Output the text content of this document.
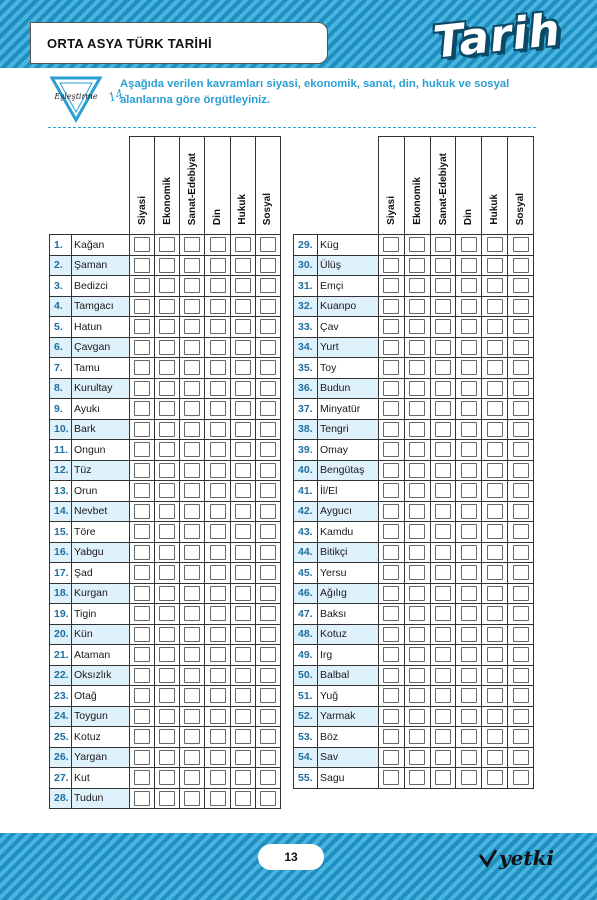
ORTA ASYA TÜRK TARİHİ	Tarih
Eşleştirme 14.
Aşağıda verilen kavramları siyasi, ekonomik, sanat, din, hukuk ve sosyal alanlarına göre örgütleyiniz.
		Siyasi	Ekonomik	Sanat-Edebiyat	Din	Hukuk	Sosyal
1.	Kağan	

2.	Şaman	

3.	Bedizci	

4.	Tamgacı	

5.	Hatun	

6.	Çavgan	

7.	Tamu	

8.	Kurultay	

9.	Ayukı	

10.	Bark	

11.	Ongun	

12.	Tüz	

13.	Orun	

14.	Nevbet	

15.	Töre	

16.	Yabgu	

17.	Şad	

18.	Kurgan	

19.	Tigin	

20.	Kün	

21.	Ataman	

22.	Oksızlık	

23.	Otağ	

24.	Toygun	

25.	Kotuz	

26.	Yargan	

27.	Kut	

28.	Tudun	

		Siyasi	Ekonomik	Sanat-Edebiyat	Din	Hukuk	Sosyal
29.	Küg	

30.	Ülüş	

31.	Emçi	

32.	Kuanpo	

33.	Çav	

34.	Yurt	

35.	Toy	

36.	Budun	

37.	Minyatür	

38.	Tengri	

39.	Omay	

40.	Bengütaş	

41.	İl/El	

42.	Aygucı	

43.	Kamdu	

44.	Bitikçi	

45.	Yersu	

46.	Ağılıg	

47.	Baksı	

48.	Kotuz	

49.	Irg	

50.	Balbal	

51.	Yuğ	

52.	Yarmak	

53.	Böz	

54.	Sav	

55.	Sagu	

13	yetki
